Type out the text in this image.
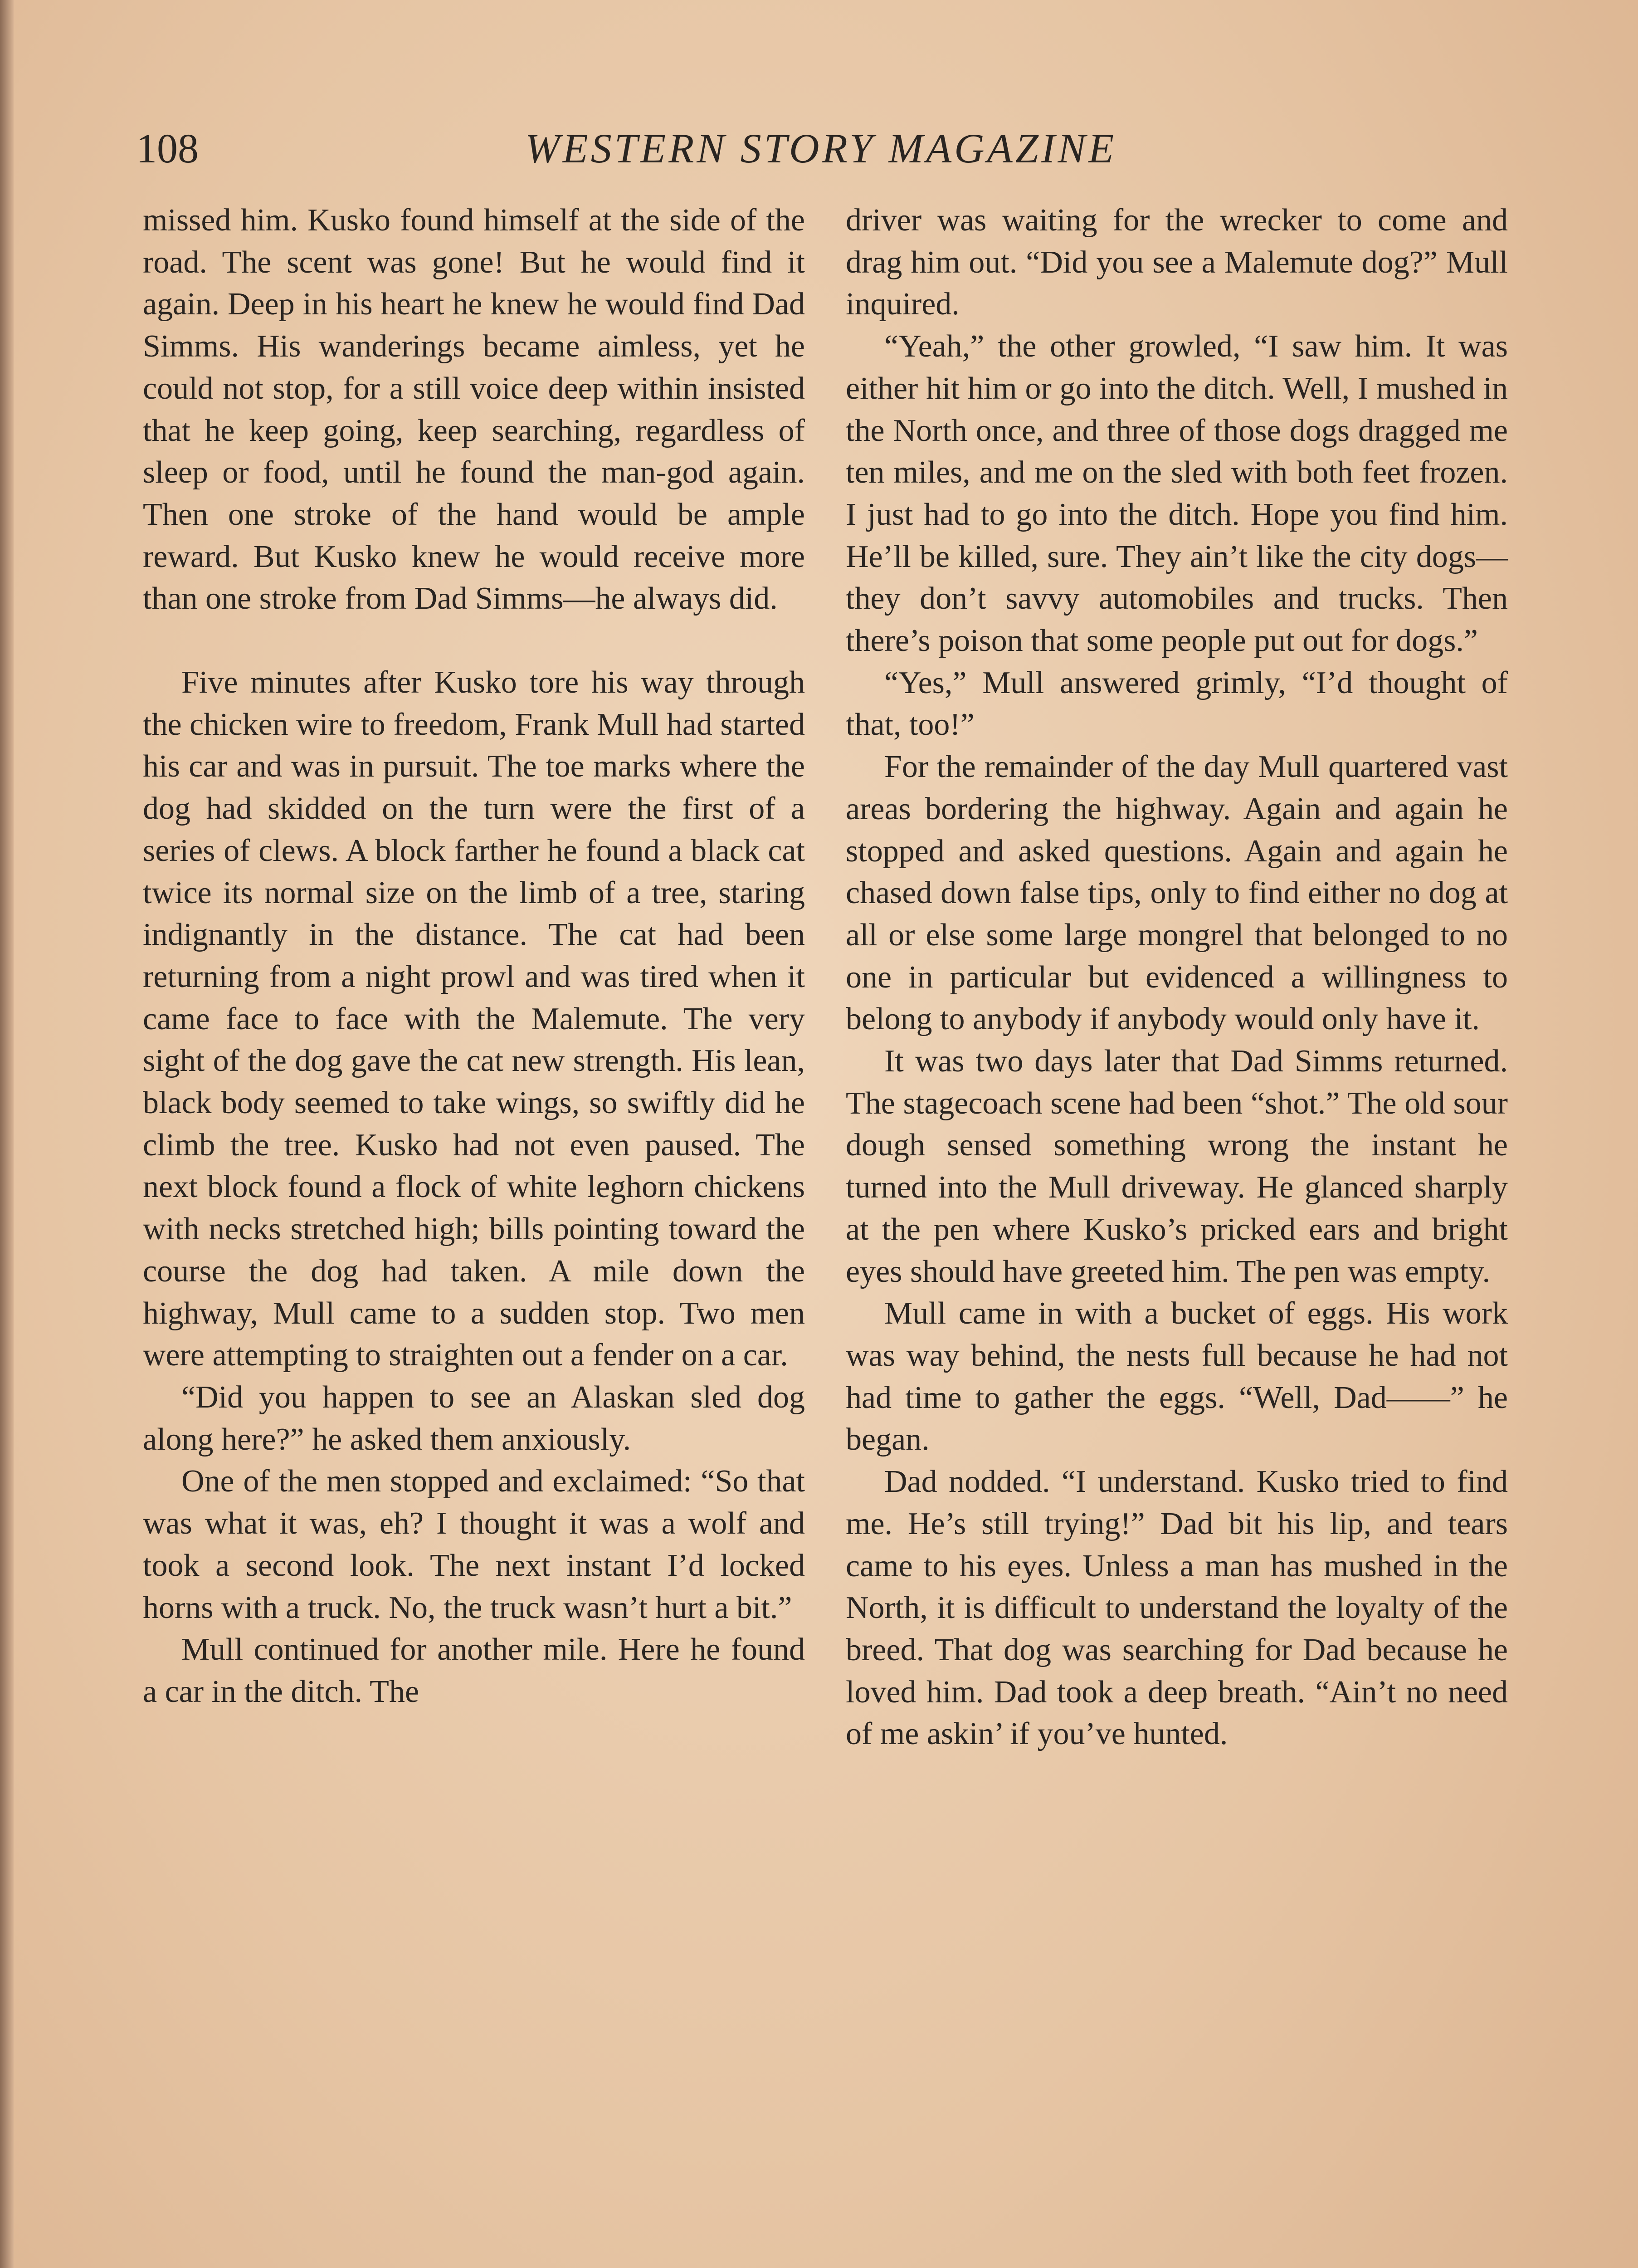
108	WESTERN STORY MAGAZINE

missed him. Kusko found himself at the side of the road. The scent was gone! But he would find it again. Deep in his heart he knew he would find Dad Simms. His wanderings became aimless, yet he could not stop, for a still voice deep within insisted that he keep going, keep searching, regardless of sleep or food, until he found the man-god again. Then one stroke of the hand would be ample reward. But Kusko knew he would receive more than one stroke from Dad Simms—he always did.

Five minutes after Kusko tore his way through the chicken wire to freedom, Frank Mull had started his car and was in pursuit. The toe marks where the dog had skidded on the turn were the first of a series of clews. A block farther he found a black cat twice its normal size on the limb of a tree, staring indignantly in the distance. The cat had been returning from a night prowl and was tired when it came face to face with the Malemute. The very sight of the dog gave the cat new strength. His lean, black body seemed to take wings, so swiftly did he climb the tree. Kusko had not even paused. The next block found a flock of white leghorn chickens with necks stretched high; bills pointing toward the course the dog had taken. A mile down the highway, Mull came to a sudden stop. Two men were attempting to straighten out a fender on a car.

“Did you happen to see an Alaskan sled dog along here?” he asked them anxiously.

One of the men stopped and exclaimed: “So that was what it was, eh? I thought it was a wolf and took a second look. The next instant I’d locked horns with a truck. No, the truck wasn’t hurt a bit.”

Mull continued for another mile. Here he found a car in the ditch. The

driver was waiting for the wrecker to come and drag him out. “Did you see a Malemute dog?” Mull inquired.

“Yeah,” the other growled, “I saw him. It was either hit him or go into the ditch. Well, I mushed in the North once, and three of those dogs dragged me ten miles, and me on the sled with both feet frozen. I just had to go into the ditch. Hope you find him. He’ll be killed, sure. They ain’t like the city dogs—they don’t savvy automobiles and trucks. Then there’s poison that some people put out for dogs.”

“Yes,” Mull answered grimly, “I’d thought of that, too!”

For the remainder of the day Mull quartered vast areas bordering the highway. Again and again he stopped and asked questions. Again and again he chased down false tips, only to find either no dog at all or else some large mongrel that belonged to no one in particular but evidenced a willingness to belong to anybody if anybody would only have it.

It was two days later that Dad Simms returned. The stagecoach scene had been “shot.” The old sour dough sensed something wrong the instant he turned into the Mull driveway. He glanced sharply at the pen where Kusko’s pricked ears and bright eyes should have greeted him. The pen was empty.

Mull came in with a bucket of eggs. His work was way behind, the nests full because he had not had time to gather the eggs. “Well, Dad——” he began.

Dad nodded. “I understand. Kusko tried to find me. He’s still trying!” Dad bit his lip, and tears came to his eyes. Unless a man has mushed in the North, it is difficult to understand the loyalty of the breed. That dog was searching for Dad because he loved him. Dad took a deep breath. “Ain’t no need of me askin’ if you’ve hunted.
